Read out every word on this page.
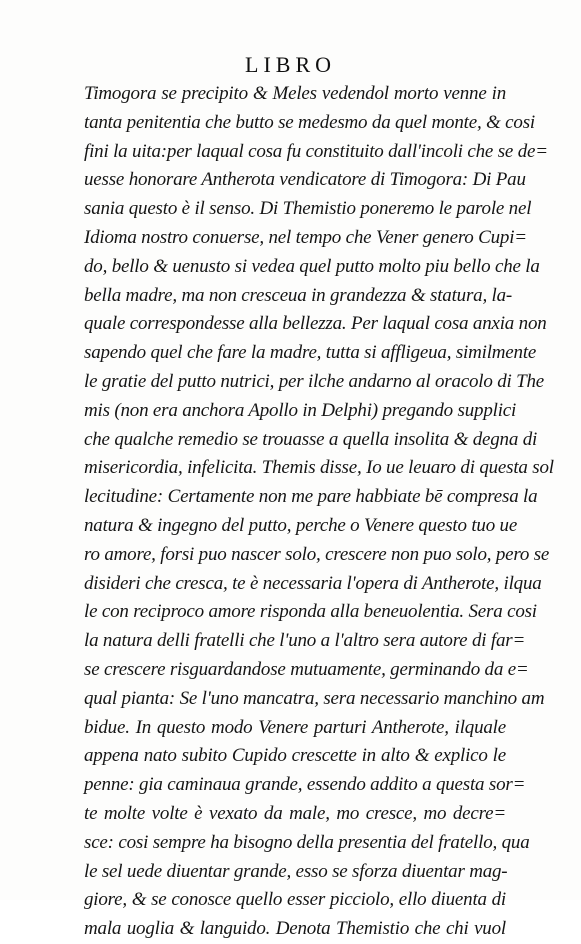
LIBRO
Timogora se precipito & Meles vedendol morto venne in
tanta penitentia che butto se medesmo da quel monte, & cosi
fini la uita:per laqual cosa fu constituito dall'incoli che se de=
uesse honorare Antherota vendicatore di Timogora: Di Pau
sania questo è il senso. Di Themistio poneremo le parole nel
Idioma nostro conuerse, nel tempo che Vener genero Cupi=
do, bello & uenusto si vedea quel putto molto piu bello che la
bella madre, ma non cresceua in grandezza & statura, la-
quale correspondesse alla bellezza. Per laqual cosa anxia non
sapendo quel che fare la madre, tutta si affligeua, similmente
le gratie del putto nutrici, per ilche andarno al oracolo di The
mis (non era anchora Apollo in Delphi) pregando supplici
che qualche remedio se trouasse a quella insolita & degna di
misericordia, infelicita. Themis disse, Io ue leuaro di questa sol
lecitudine: Certamente non me pare habbiate bē compresa la
natura & ingegno del putto, perche o Venere questo tuo ue
ro amore, forsi puo nascer solo, crescere non puo solo, pero se
disideri che cresca, te è necessaria l'opera di Antherote, ilqua
le con reciproco amore risponda alla beneuolentia. Sera cosi
la natura delli fratelli che l'uno a l'altro sera autore di far=
se crescere risguardandose mutuamente, germinando da e=
qual pianta: Se l'uno mancatra, sera necessario manchino am
bidue. In questo modo Venere parturi Antherote, ilquale
appena nato subito Cupido crescette in alto & explico le
penne: gia caminaua grande, essendo addito a questa sor=
te molte volte è vexato da male, mo cresce, mo decre=
sce: cosi sempre ha bisogno della presentia del fratello, qua
le sel uede diuentar grande, esso se sforza diuentar mag-
giore, & se conosce quello esser picciolo, ello diuenta di
mala uoglia & languido. Denota Themistio che chi vuol
